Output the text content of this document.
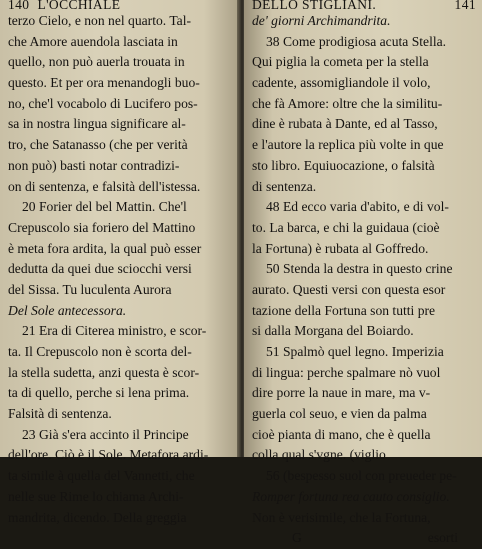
140 L'OCCHIALE
terzo Cielo, e non nel quarto. Tal-
che Amore auendola lasciata in
quello, non può auerla trouata in
questo. Et per ora menandogli buo-
no, che'l vocabolo di Lucifero pos-
sa in nostra lingua significare al-
tro, che Satanasso (che per verità
non può) basti notar contradizi-
on di sentenza, e falsità dell'istessa.
20 Forier del bel Mattin. Che'l
Crepuscolo sia foriero del Mattino
è meta fora ardita, la qual può esser
dedutta da quei due sciocchi versi
del Sissa. Tu luculenta Aurora
Del Sole antecessora.
21 Era di Citerea ministro, e scor-
ta. Il Crepuscolo non è scorta del-
la stella sudetta, anzi questa è scor-
ta di quello, perche si lena prima.
Falsità di sentenza.
23 Già s'era accinto il Principe
dell'ore. Ciò è il Sole. Metafora ardi-
ta simile à quella del Vannetti, che
nelle sue Rime lo chiama Archi-
mandrita, dicendo. Della greggia
DELLO STIGLIANI.	141
de' giorni Archimandrita.
38 Come prodigiosa acuta Stella.
Qui piglia la cometa per la stella
cadente, assomigliandole il volo,
che fà Amore: oltre che la similitu-
dine è rubata à Dante, ed al Tasso,
e l'autore la replica più volte in que
sto libro. Equiuocazione, o falsità
di sentenza.
48 Ed ecco varia d'abito, e di vol-
to. La barca, e chi la guidaua (cioè
la Fortuna) è rubata al Goffredo.
50 Stenda la destra in questo crine
aurato. Questi versi con questa esor
tazione della Fortuna son tutti pre
si dalla Morgana del Boiardo.
51 Spalmò quel legno. Imperizia
di lingua: perche spalmare nò vuol
dire porre la naue in mare, ma v-
guerla col seuo, e vien da palma
cioè pianta di mano, che è quella
colla qual s'vgne. (viglio
56 (bespesso suol con preueder pe-
Romper fortuna rea cauto consiglio.
Non è verisimile, che la Fortuna,
G	esorti
